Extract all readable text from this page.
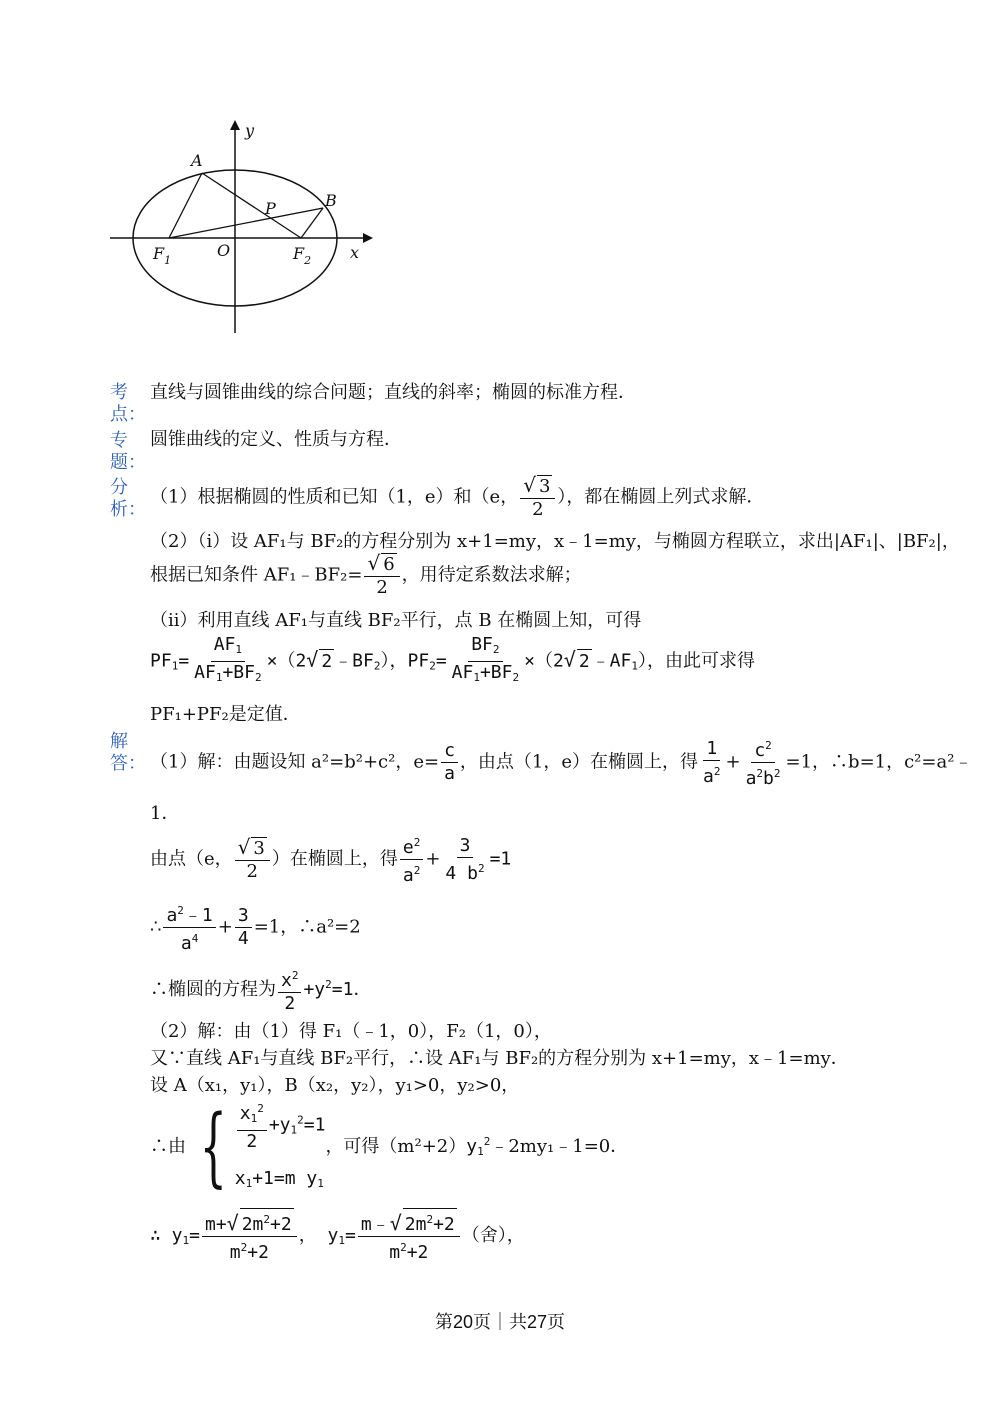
y
x
A
B
P
O
$F_1$	$F_2$
考
点：
直线与圆锥曲线的综合问题；直线的斜率；椭圆的标准方程．
专
题：
圆锥曲线的定义、性质与方程．
分
析：
（1）根据椭圆的性质和已知（1，e）和（e， $\frac{√ 3}{2}$ ），都在椭圆上列式求解．
（2）（i）设 AF₁与 BF₂的方程分别为 x+1=my，x﹣1=my，与椭圆方程联立，求出|AF₁|、|BF₂|，
根据已知条件 AF₁﹣BF₂= $\frac{√ 6}{2}$ ，用待定系数法求解；
（ii）利用直线 AF₁与直线 BF₂平行，点 B 在椭圆上知，可得
$PF_1= \frac{AF_1}{AF_1+BF_2} \times(2√$ 2 $﹣BF_2$），$PF_2= \frac{BF_2}{AF_1+BF_2} \times(2√$ 2 $﹣AF_1$），由此可求得
PF₁+PF₂是定值．
解
答： （1）解：由题设知 a²=b²+c²，$e= \frac{c}{a}$ ，由点（1，e）在椭圆上，得 $\frac{1}{a^2} + \frac{c^2}{a^2b^2} =1$，∴b=1，c²=a²﹣
1．
由点（e， $\frac{√ 3}{2}$ ）在椭圆上，得 $\frac{e^2}{a^2} + \frac{3}{4 b^2} =1$
∴ $\frac{a^2﹣1}{a^4} + \frac{3}{4} =1$，∴a²=2
∴椭圆的方程为 $\frac{x^2}{2} +y^2=1$．
（2）解：由（1）得 F₁（﹣1，0），F₂（1，0），
又∵直线 AF₁与直线 BF₂平行，∴设 AF₁与 BF₂的方程分别为 x+1=my，x﹣1=my．
设 A（x₁，y₁），B（x₂，y₂），y₁>0，y₂>0，
∴由 { $\frac{x_1^2}{2} +y_1^2=1$
$x_1+1=m$ $y_1$
，可得$(m^2+2)y_1^2﹣2my_1﹣1=0$．
∴ $y_1= \frac{m+√ 2m^2+2}{m^2+2}$ ， $y_1= \frac{m﹣√ 2m^2+2}{m^2+2}$ （舍），
第20页｜共27页
